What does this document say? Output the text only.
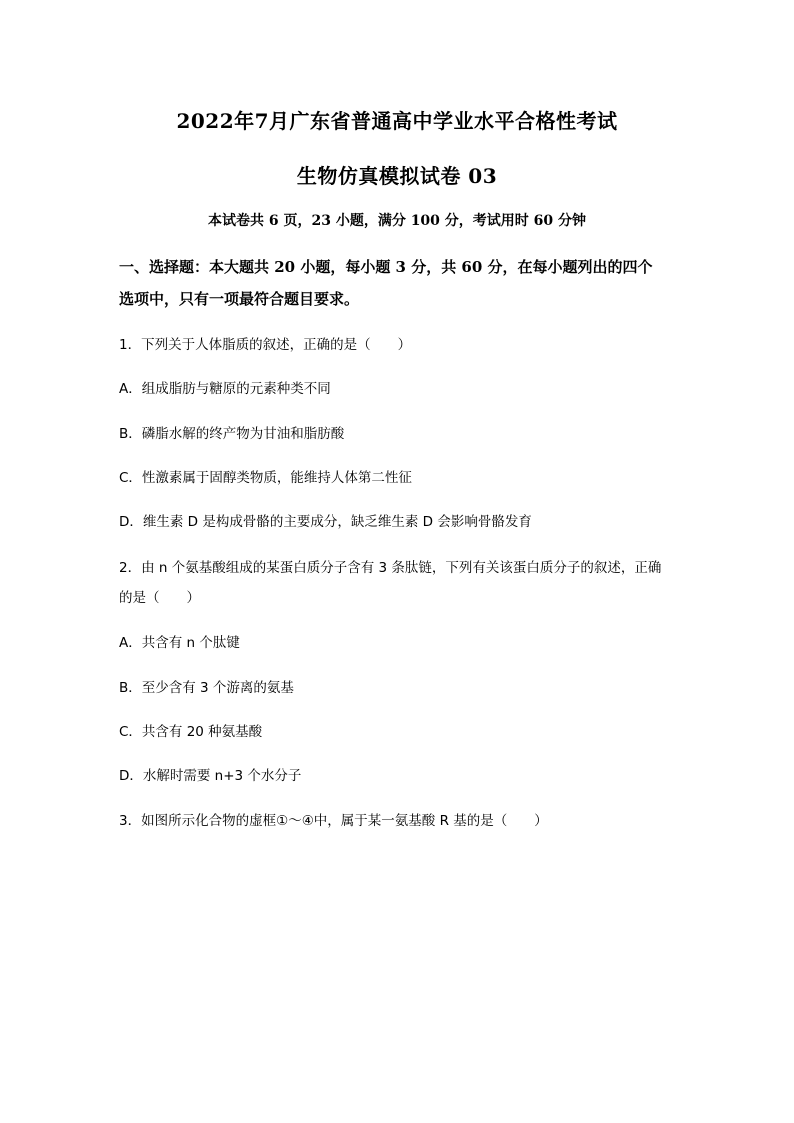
2022年7月广东省普通高中学业水平合格性考试
生物仿真模拟试卷 03
本试卷共 6 页，23 小题，满分 100 分，考试用时 60 分钟
一、选择题：本大题共 20 小题，每小题 3 分，共 60 分，在每小题列出的四个
选项中，只有一项最符合题目要求。
1．下列关于人体脂质的叙述，正确的是（　　）
A．组成脂肪与糖原的元素种类不同
B．磷脂水解的终产物为甘油和脂肪酸
C．性激素属于固醇类物质，能维持人体第二性征
D．维生素 D 是构成骨骼的主要成分，缺乏维生素 D 会影响骨骼发育
2．由 n 个氨基酸组成的某蛋白质分子含有 3 条肽链，下列有关该蛋白质分子的叙述，正确
的是（　　）
A．共含有 n 个肽键
B．至少含有 3 个游离的氨基
C．共含有 20 种氨基酸
D．水解时需要 n+3 个水分子
3．如图所示化合物的虚框①～④中，属于某一氨基酸 R 基的是（　　）
